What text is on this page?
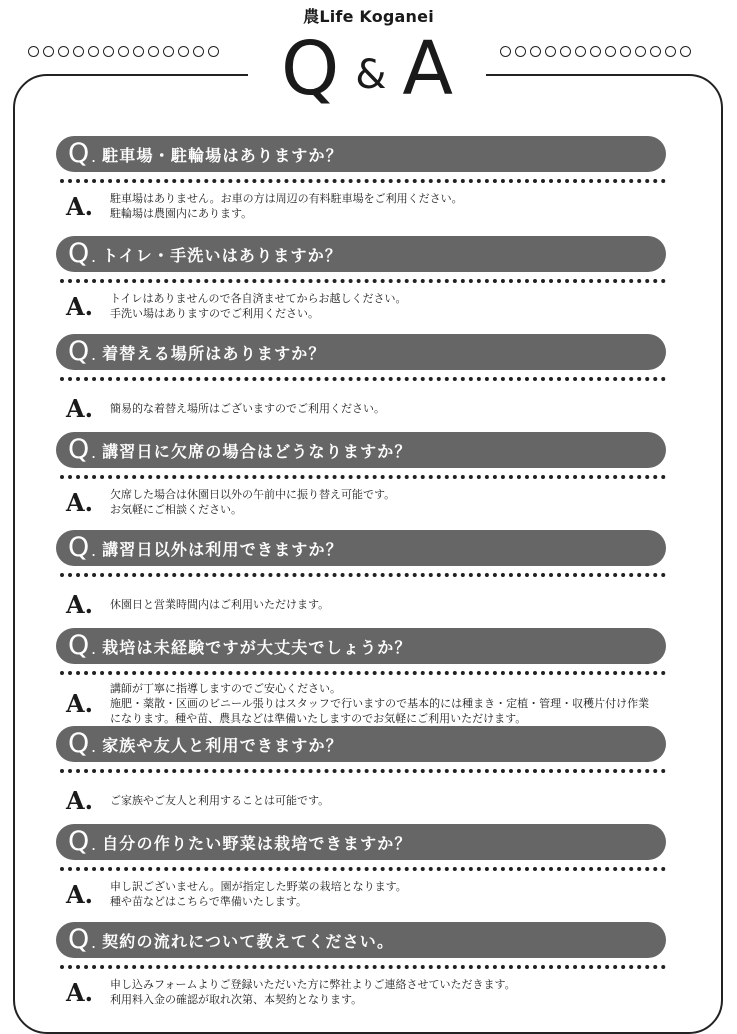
農Life Koganei
Q & A
Q . 駐車場・駐輪場はありますか？
A.	駐車場はありません。お車の方は周辺の有料駐車場をご利用ください。
駐輪場は農園内にあります。
Q . トイレ・手洗いはありますか？
A.	トイレはありませんので各自済ませてからお越しください。
手洗い場はありますのでご利用ください。
Q . 着替える場所はありますか？
A.	簡易的な着替え場所はございますのでご利用ください。
Q . 講習日に欠席の場合はどうなりますか？
A.	欠席した場合は休園日以外の午前中に振り替え可能です。
お気軽にご相談ください。
Q . 講習日以外は利用できますか？
A.	休園日と営業時間内はご利用いただけます。
Q . 栽培は未経験ですが大丈夫でしょうか？
A.
講師が丁寧に指導しますのでご安心ください。
施肥・薬散・区画のビニール張りはスタッフで行いますので基本的には種まき・定植・管理・収穫片付け作業
になります。種や苗、農具などは準備いたしますのでお気軽にご利用いただけます。
Q . 家族や友人と利用できますか？
A.	ご家族やご友人と利用することは可能です。
Q . 自分の作りたい野菜は栽培できますか？
A.	申し訳ございません。園が指定した野菜の栽培となります。
種や苗などはこちらで準備いたします。
Q . 契約の流れについて教えてください。
A.	申し込みフォームよりご登録いただいた方に弊社よりご連絡させていただきます。
利用料入金の確認が取れ次第、本契約となります。
